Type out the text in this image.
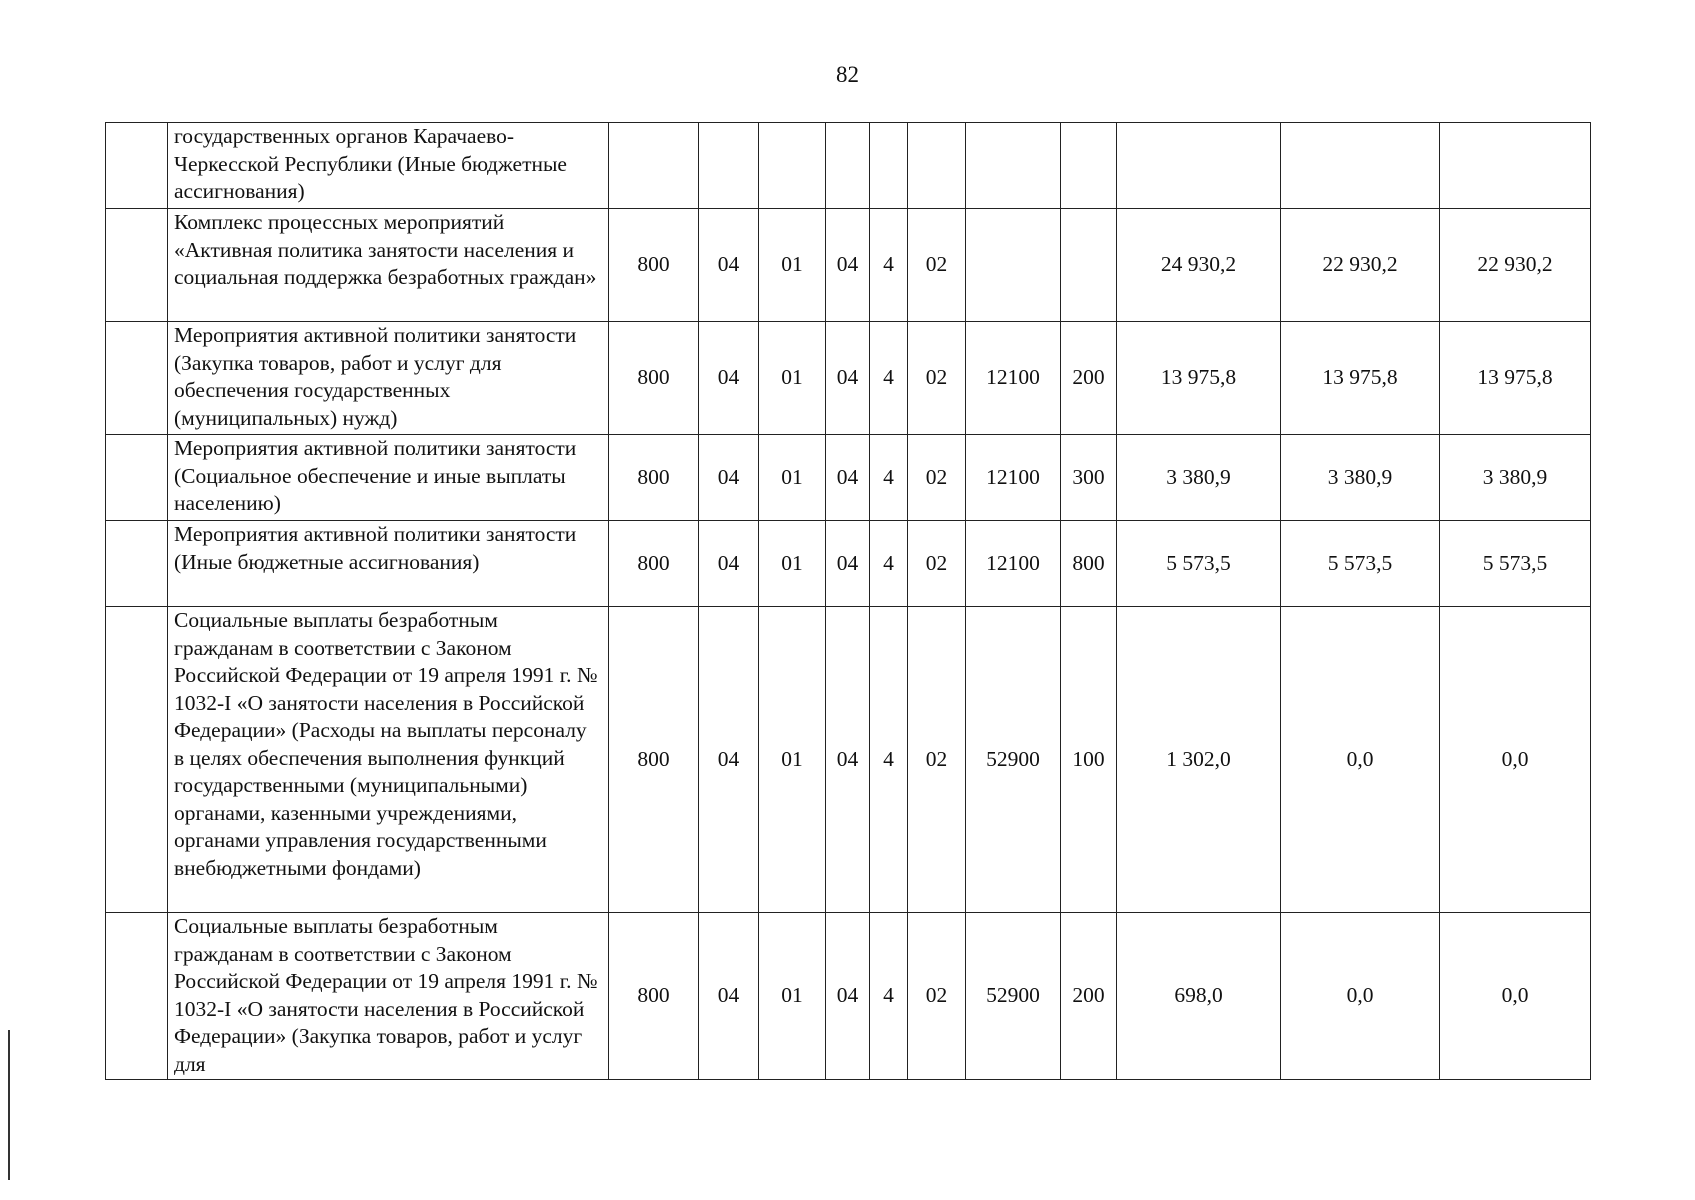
82
	государственных органов Карачаево-Черкесской Республики (Иные бюджетные ассигнования)											
	Комплекс процессных мероприятий «Активная политика занятости населения и социальная поддержка безработных граждан»	800	04	01	04	4	02			24 930,2	22 930,2	22 930,2
	Мероприятия активной политики занятости (Закупка товаров, работ и услуг для обеспечения государственных (муниципальных) нужд)	800	04	01	04	4	02	12100	200	13 975,8	13 975,8	13 975,8
	Мероприятия активной политики занятости (Социальное обеспечение и иные выплаты населению)	800	04	01	04	4	02	12100	300	3 380,9	3 380,9	3 380,9
	Мероприятия активной политики занятости (Иные бюджетные ассигнования)	800	04	01	04	4	02	12100	800	5 573,5	5 573,5	5 573,5
	Социальные выплаты безработным гражданам в соответствии с Законом Российской Федерации от 19 апреля 1991 г. № 1032-I «О занятости населения в Российской Федерации» (Расходы на выплаты персоналу в целях обеспечения выполнения функций государственными (муниципальными) органами, казенными учреждениями, органами управления государственными внебюджетными фондами)	800	04	01	04	4	02	52900	100	1 302,0	0,0	0,0
	Социальные выплаты безработным гражданам в соответствии с Законом Российской Федерации от 19 апреля 1991 г. № 1032-I «О занятости населения в Российской Федерации» (Закупка товаров, работ и услуг для	800	04	01	04	4	02	52900	200	698,0	0,0	0,0
